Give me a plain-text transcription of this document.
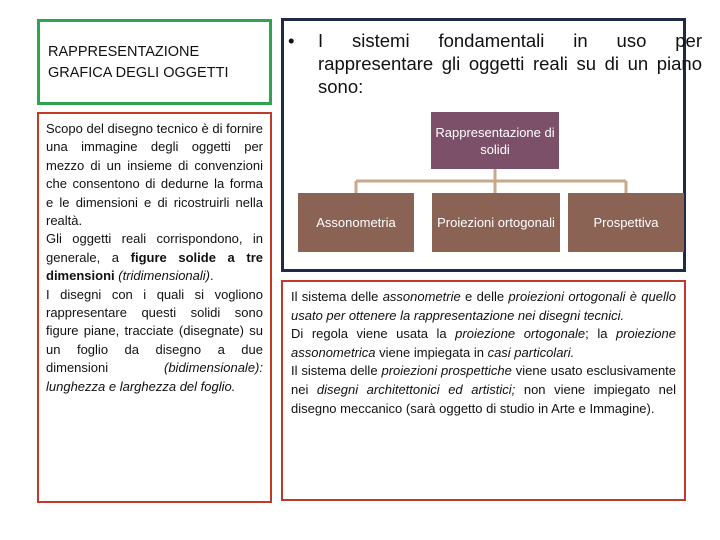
RAPPRESENTAZIONE
GRAFICA DEGLI OGGETTI

Scopo del disegno tecnico è di fornire una immagine degli oggetti per mezzo di un insieme di convenzioni che consentono di dedurne la forma e le dimensioni e di ricostruirli nella realtà.

Gli oggetti reali corrispondono, in generale, a figure solide a tre dimensioni (tridimensionali).

I disegni con i quali si vogliono rappresentare questi solidi sono figure piane, tracciate (disegnate) su un foglio da disegno a due dimensioni (bidimensionale): lunghezza e larghezza del foglio.

• I sistemi fondamentali in uso per rappresentare gli oggetti reali su di un piano sono:
Rappresentazione di solidi
Assonometria	Proiezioni ortogonali	Prospettiva

Il sistema delle assonometrie e delle proiezioni ortogonali è quello usato per ottenere la rappresentazione nei disegni tecnici.

Di regola viene usata la proiezione ortogonale; la proiezione assonometrica viene impiegata in casi particolari.

Il sistema delle proiezioni prospettiche viene usato esclusivamente nei disegni architettonici ed artistici; non viene impiegato nel disegno meccanico (sarà oggetto di studio in Arte e Immagine).
